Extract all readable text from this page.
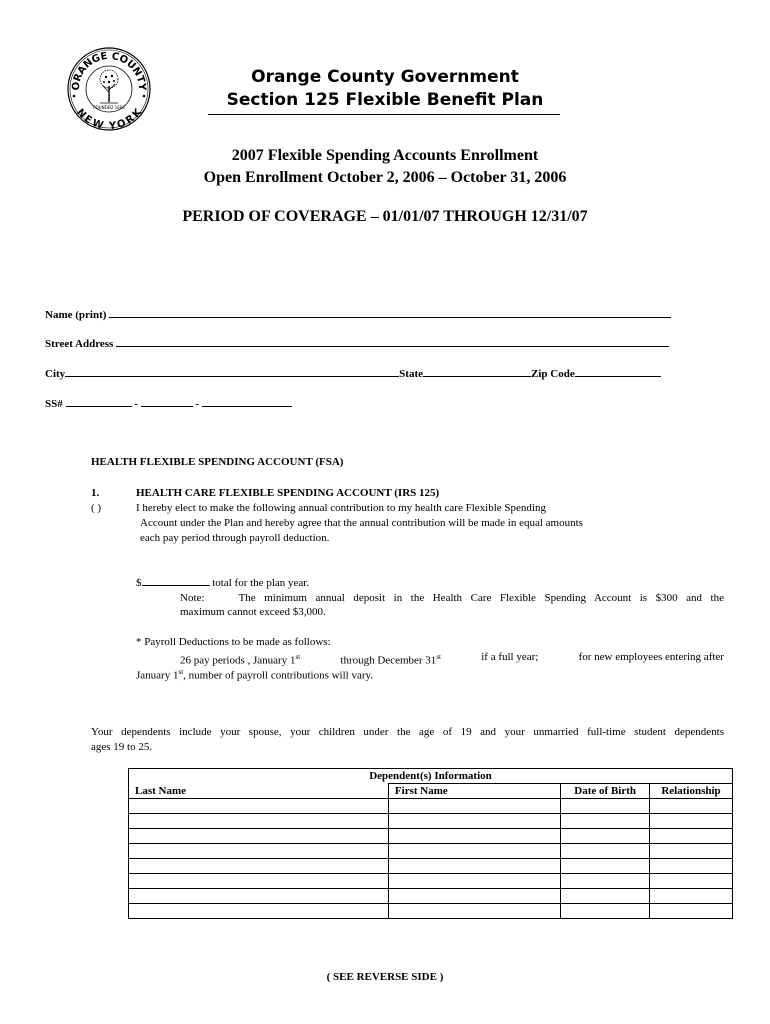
ORANGE COUNTY
NEW YORK
FOUNDED 1683
Orange County Government
Section 125 Flexible Benefit Plan
2007 Flexible Spending Accounts Enrollment
Open Enrollment October 2, 2006 – October 31, 2006
PERIOD OF COVERAGE – 01/01/07 THROUGH 12/31/07
Name (print)
Street Address
City	State	Zip Code
SS#	-	-
HEALTH FLEXIBLE SPENDING ACCOUNT (FSA)
1.	HEALTH CARE FLEXIBLE SPENDING ACCOUNT (IRS 125)
( )	I hereby elect to make the following annual contribution to my health care Flexible Spending
Account under the Plan and hereby agree that the annual contribution will be made in equal amounts
each pay period through payroll deduction.
$	total for the plan year.
Note:	The minimum annual deposit in the Health Care Flexible Spending Account is $300 and the
maximum cannot exceed $3,000.
* Payroll Deductions to be made as follows:
26 pay periods , January 1st	through December 31st	if a full year;	for new employees entering after
January 1st, number of payroll contributions will vary.
Your dependents include your spouse, your children under the age of 19 and your unmarried full-time student dependents
ages 19 to 25.
Dependent(s) Information			
Last Name	First Name	Date of Birth	Relationship

( SEE REVERSE SIDE )
